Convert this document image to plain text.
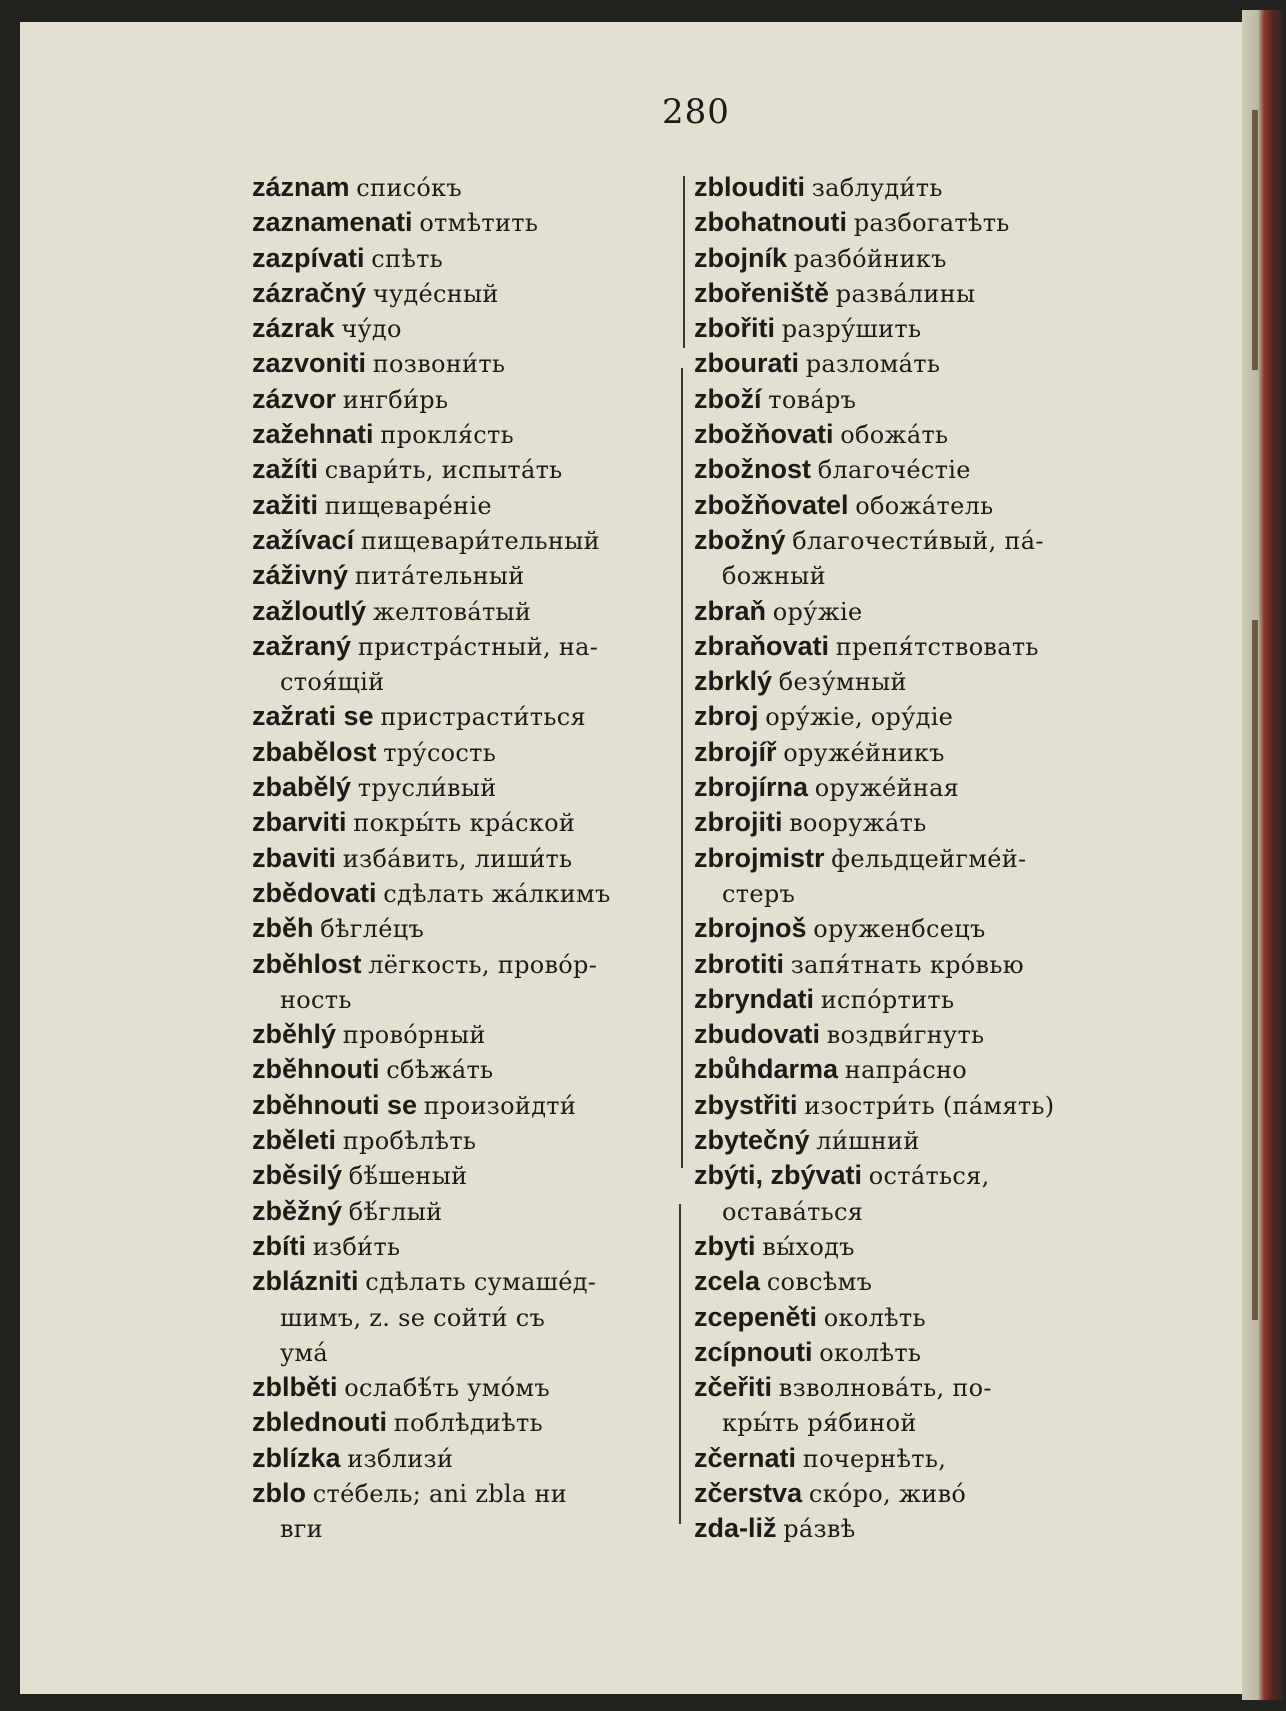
280
záznam списо́къ
zaznamenati отмѣтить
zazpívati спѣть
zázračný чуде́сный
zázrak чу́до
zazvoniti позвони́ть
zázvor ингби́рь
zažehnati прокля́сть
zažíti свари́ть, испыта́ть
zažiti пищеваре́ніе
zažívací пищевари́тельный
záživný пита́тельный
zažloutlý желтова́тый
zažraný пристра́стный, на-
стоя́щій
zažrati se пристрасти́ться
zbabělost тру́сость
zbabělý трусли́вый
zbarviti покры́ть кра́ской
zbaviti изба́вить, лиши́ть
zbědovati сдѣлать жа́лкимъ
zběh бѣгле́цъ
zběhlost лёгкость, прово́р-
ность
zběhlý прово́рный
zběhnouti сбѣжа́ть
zběhnouti se произойдти́
zběleti пробѣлѣть
zběsilý бѣ́шеный
zběžný бѣ́глый
zbíti изби́ть
zblázniti сдѣлать сумаше́д-
шимъ, z. se сойти́ съ
ума́
zblběti ослабѣ́ть умо́мъ
zblednouti поблѣдиѣть
zblízka изблизи́
zblo сте́бель; ani zbla ни
вги
zblouditi заблуди́ть
zbohatnouti разбогатѣть
zbojník разбо́йникъ
zbořeniště разва́лины
zbořiti разру́шить
zbourati разлома́ть
zboží това́ръ
zbožňovati обожа́ть
zbožnost благоче́стіе
zbožňovatel обожа́тель
zbožný благочести́вый, па́-
божный
zbraň ору́жіе
zbraňovati препя́тствовать
zbrklý безу́мный
zbroj ору́жіе, ору́діе
zbrojíř оруже́йникъ
zbrojírna оруже́йная
zbrojiti вооружа́ть
zbrojmistr фельдцейгме́й-
стеръ
zbrojnoš оруженбсецъ
zbrotiti запя́тнать кро́вью
zbryndati испо́ртить
zbudovati воздви́гнуть
zbůhdarma напра́сно
zbystřiti изостри́ть (па́мять)
zbytečný ли́шний
zbýti, zbývati оста́ться,
остава́ться
zbyti вы́ходъ
zcela совсѣмъ
zcepeněti околѣть
zcípnouti околѣть
zčeřiti взволнова́ть, по-
кры́ть ря́биной
zčernati почернѣть,
zčerstva ско́ро, живо́
zda-liž ра́звѣ
